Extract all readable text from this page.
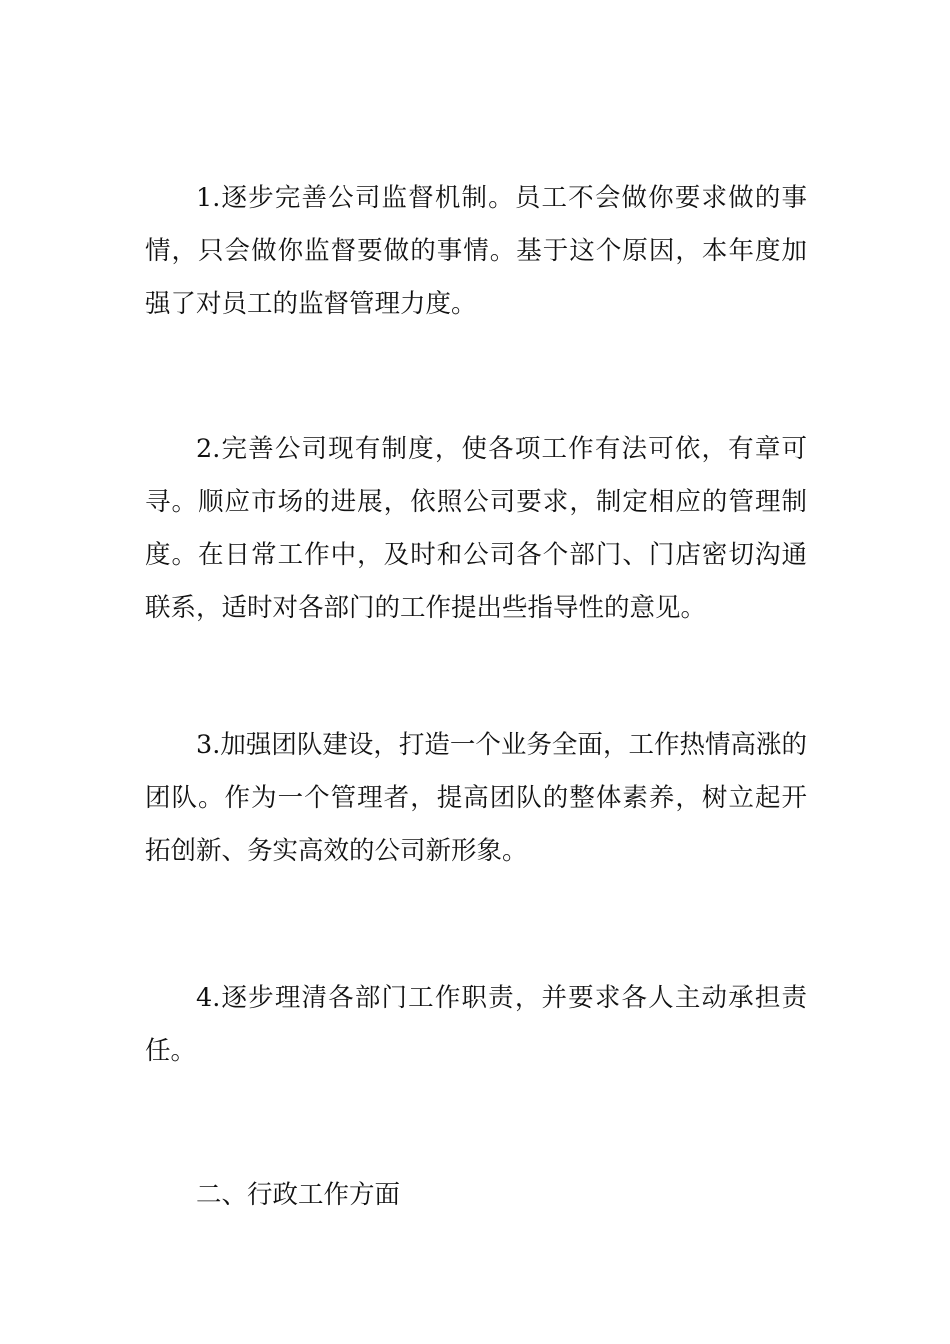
1.逐步完善公司监督机制。员工不会做你要求做的事情，只会做你监督要做的事情。基于这个原因，本年度加强了对员工的监督管理力度。

2.完善公司现有制度，使各项工作有法可依，有章可寻。顺应市场的进展，依照公司要求，制定相应的管理制度。在日常工作中，及时和公司各个部门、门店密切沟通联系，适时对各部门的工作提出些指导性的意见。

3.加强团队建设，打造一个业务全面，工作热情高涨的团队。作为一个管理者，提高团队的整体素养，树立起开拓创新、务实高效的公司新形象。

4.逐步理清各部门工作职责，并要求各人主动承担责任。

二、行政工作方面
